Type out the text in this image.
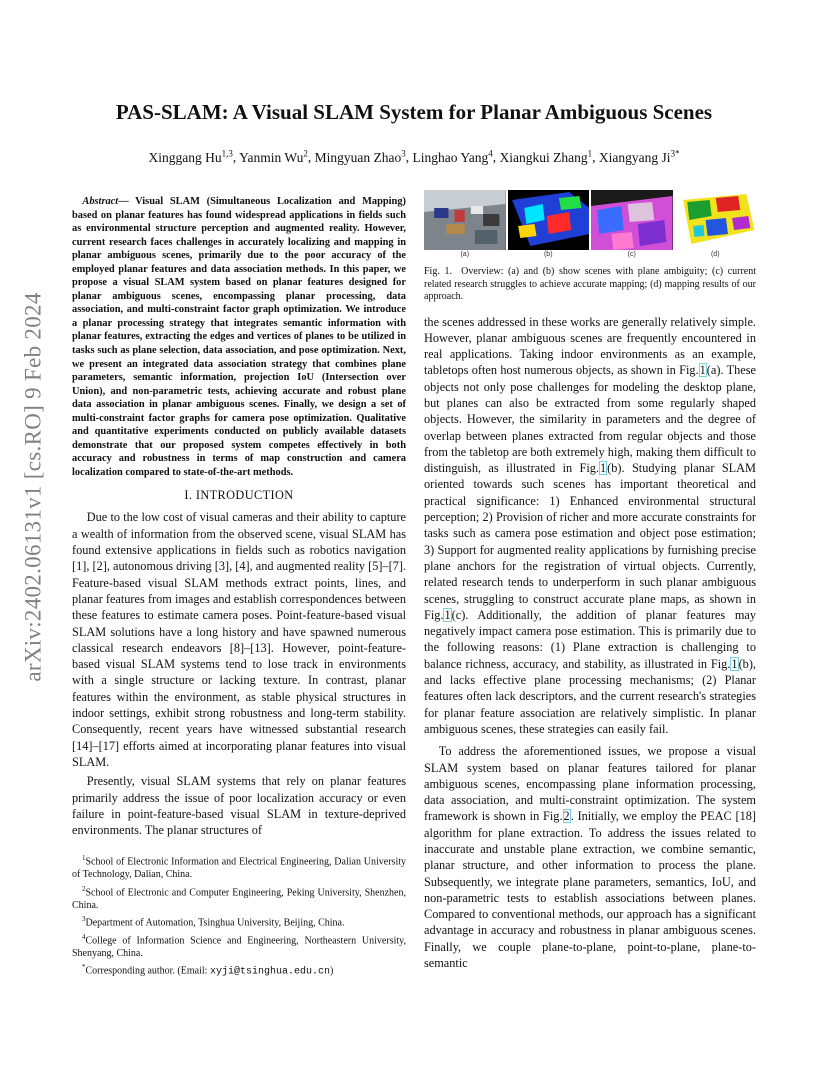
arXiv:2402.06131v1 [cs.RO] 9 Feb 2024
PAS-SLAM: A Visual SLAM System for Planar Ambiguous Scenes
Xinggang Hu$^{1,3}$, Yanmin Wu$^2$, Mingyuan Zhao$^3$, Linghao Yang$^4$, Xiangkui Zhang$^1$, Xiangyang $Ji^{3*}$

Abstract— Visual SLAM (Simultaneous Localization and Mapping) based on planar features has found widespread applications in fields such as environmental structure perception and augmented reality. However, current research faces challenges in accurately localizing and mapping in planar ambiguous scenes, primarily due to the poor accuracy of the employed planar features and data association methods. In this paper, we propose a visual SLAM system based on planar features designed for planar ambiguous scenes, encompassing planar processing, data association, and multi-constraint factor graph optimization. We introduce a planar processing strategy that integrates semantic information with planar features, extracting the edges and vertices of planes to be utilized in tasks such as plane selection, data association, and pose optimization. Next, we present an integrated data association strategy that combines plane parameters, semantic information, projection IoU (Intersection over Union), and non-parametric tests, achieving accurate and robust plane data association in planar ambiguous scenes. Finally, we design a set of multi-constraint factor graphs for camera pose optimization. Qualitative and quantitative experiments conducted on publicly available datasets demonstrate that our proposed system competes effectively in both accuracy and robustness in terms of map construction and camera localization compared to state-of-the-art methods.

I. INTRODUCTION

Due to the low cost of visual cameras and their ability to capture a wealth of information from the observed scene, visual SLAM has found extensive applications in fields such as robotics navigation [1], [2], autonomous driving [3], [4], and augmented reality [5]–[7]. Feature-based visual SLAM methods extract points, lines, and planar features from images and establish correspondences between these features to estimate camera poses. Point-feature-based visual SLAM solutions have a long history and have spawned numerous classical research endeavors [8]–[13]. However, point-feature-based visual SLAM systems tend to lose track in environments with a single structure or lacking texture. In contrast, planar features within the environment, as stable physical structures in indoor settings, exhibit strong robustness and long-term stability. Consequently, recent years have witnessed substantial research [14]–[17] efforts aimed at incorporating planar features into visual SLAM.

Presently, visual SLAM systems that rely on planar features primarily address the issue of poor localization accuracy or even failure in point-feature-based visual SLAM in texture-deprived environments. The planar structures of

$^1$School of Electronic Information and Electrical Engineering, Dalian University of Technology, Dalian, China.

$^2$School of Electronic and Computer Engineering, Peking University, Shenzhen, China.

$^3$Department of Automation, Tsinghua University, Beijing, China.

$^4$College of Information Science and Engineering, Northeastern University, Shenyang, China.

*Corresponding author. (Email: xyji@tsinghua.edu.cn)

(a)	(b)	(c)	(d)

Fig. 1. Overview: (a) and (b) show scenes with plane ambiguity; (c) current related research struggles to achieve accurate mapping; (d) mapping results of our approach.

the scenes addressed in these works are generally relatively simple. However, planar ambiguous scenes are frequently encountered in real applications. Taking indoor environments as an example, tabletops often host numerous objects, as shown in Fig.1(a). These objects not only pose challenges for modeling the desktop plane, but planes can also be extracted from some regularly shaped objects. However, the similarity in parameters and the degree of overlap between planes extracted from regular objects and those from the tabletop are both extremely high, making them difficult to distinguish, as illustrated in Fig.1(b). Studying planar SLAM oriented towards such scenes has important theoretical and practical significance: 1) Enhanced environmental structural perception; 2) Provision of richer and more accurate constraints for tasks such as camera pose estimation and object pose estimation; 3) Support for augmented reality applications by furnishing precise plane anchors for the registration of virtual objects. Currently, related research tends to underperform in such planar ambiguous scenes, struggling to construct accurate plane maps, as shown in Fig.1(c). Additionally, the addition of planar features may negatively impact camera pose estimation. This is primarily due to the following reasons: (1) Plane extraction is challenging to balance richness, accuracy, and stability, as illustrated in Fig.1(b), and lacks effective plane processing mechanisms; (2) Planar features often lack descriptors, and the current research's strategies for planar feature association are relatively simplistic. In planar ambiguous scenes, these strategies can easily fail.

To address the aforementioned issues, we propose a visual SLAM system based on planar features tailored for planar ambiguous scenes, encompassing plane information processing, data association, and multi-constraint optimization. The system framework is shown in Fig.2. Initially, we employ the PEAC [18] algorithm for plane extraction. To address the issues related to inaccurate and unstable plane extraction, we combine semantic, planar structure, and other information to process the plane. Subsequently, we integrate plane parameters, semantics, IoU, and non-parametric tests to establish associations between planes. Compared to conventional methods, our approach has a significant advantage in accuracy and robustness in planar ambiguous scenes. Finally, we couple plane-to-plane, point-to-plane, plane-to-semantic
